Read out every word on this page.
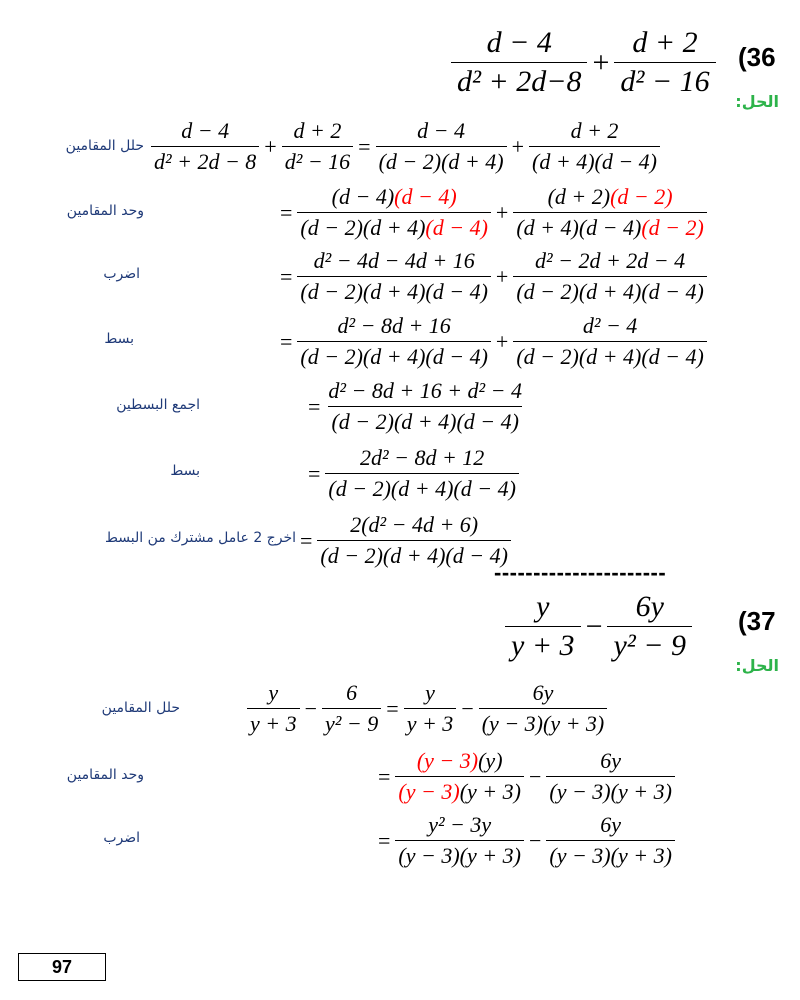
(36
$\frac{d - 4}{\text{d² + 2d−8}} + \frac{d + 2}{\text{d² − 16}}$
الحل:
حلل المقامين $\frac{d - 4}{\text{d² + 2d − 8}} + \frac{d + 2}{\text{d² − 16}} = \frac{d - 4}{(d - 2)(d + 4)} + \frac{d + 2}{(d + 4)(d - 4)}$
وحد المقامين	= $\frac{(d - 4)(d - 4)}{(d - 2)(d + 4)(d - 4)} + \frac{(d + 2)(d - 2)}{(d + 4)(d - 4)(d - 2)}$
اضرب	= $\frac{\text{d² − 4d − 4d + 16}}{(d - 2)(d + 4)(d - 4)} + \frac{\text{d² − 2d + 2d − 4}}{(d - 2)(d + 4)(d - 4)}$
بسط	= $\frac{\text{d² − 8d + 16}}{(d - 2)(d + 4)(d - 4)} + \frac{\text{d² − 4}}{(d - 2)(d + 4)(d - 4)}$
اجمع البسطين	= $\frac{\text{d² − 8d + 16 + d² − 4}}{(d - 2)(d + 4)(d - 4)}$
بسط	= $\frac{\text{2d² − 8d + 12}}{(d - 2)(d + 4)(d - 4)}$
اخرج 2 عامل مشترك من البسط = $\frac{\text{2(d² − 4d + 6)}}{(d - 2)(d + 4)(d - 4)}$
----------------------
(37
$\frac{y}{y + 3} - \frac{6y}{\text{y² − 9}}$
الحل:
حلل المقامين	$\frac{y}{y + 3} - \frac{6}{\text{y² − 9}} = \frac{y}{y + 3} - \frac{6y}{(y - 3)(y + 3)}$
وحد المقامين	= $\frac{(y - 3)(y)}{(y - 3)(y + 3)} - \frac{6y}{(y - 3)(y + 3)}$
اضرب	= $\frac{\text{y² − 3y}}{(y - 3)(y + 3)} - \frac{6y}{(y - 3)(y + 3)}$
97
